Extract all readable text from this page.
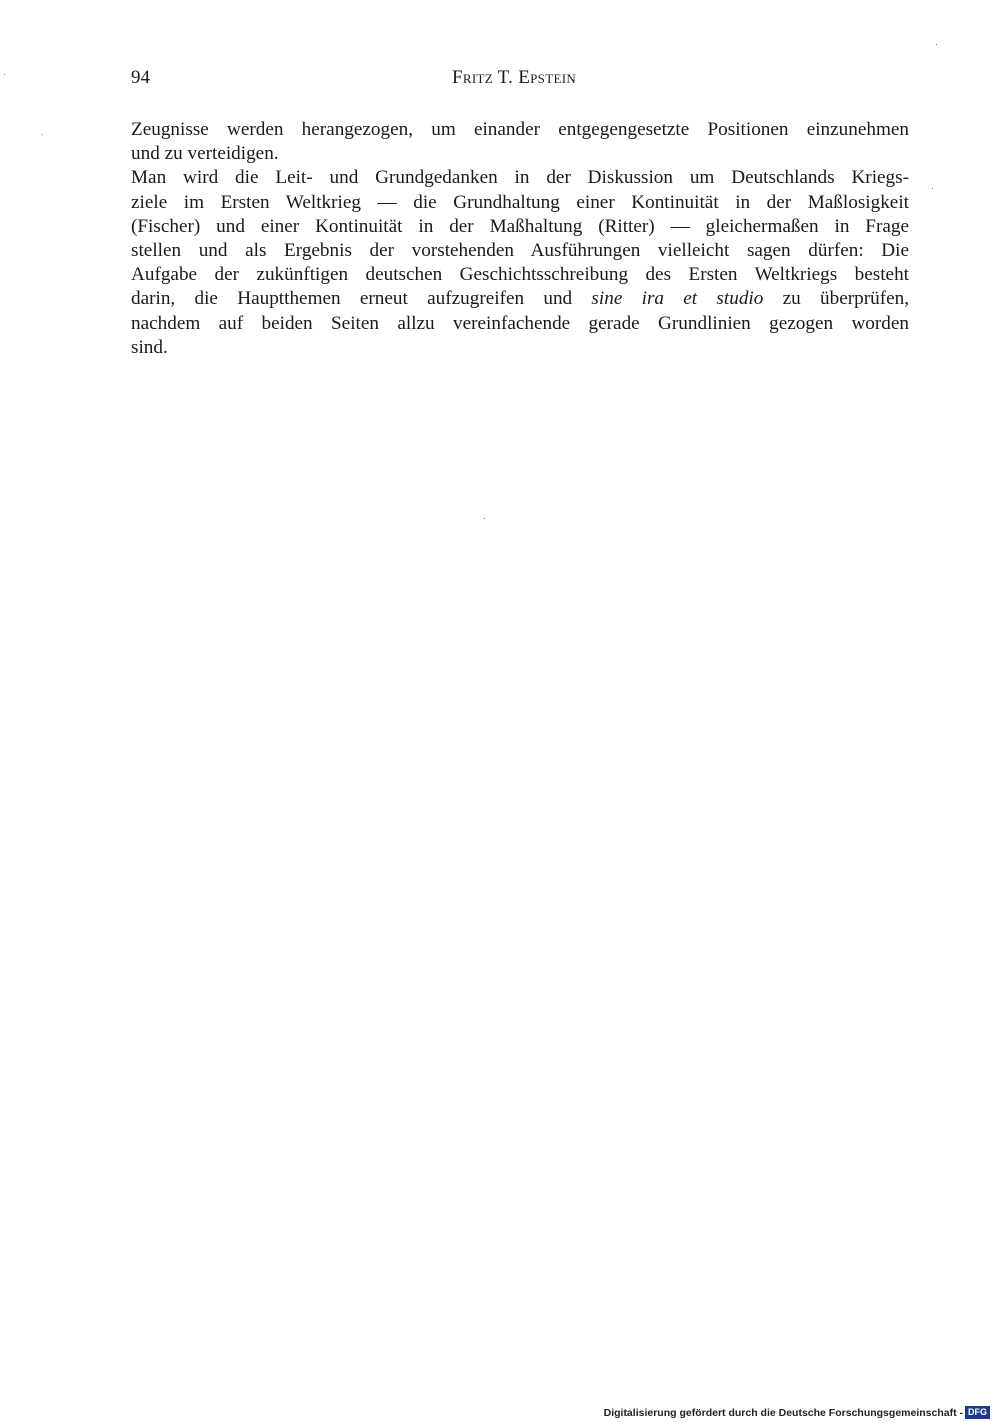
94	Fritz T. Epstein
Zeugnisse werden herangezogen, um einander entgegengesetzte Positionen einzunehmen
und zu verteidigen.
Man wird die Leit- und Grundgedanken in der Diskussion um Deutschlands Kriegs-
ziele im Ersten Weltkrieg — die Grundhaltung einer Kontinuität in der Maßlosigkeit
(Fischer) und einer Kontinuität in der Maßhaltung (Ritter) — gleichermaßen in Frage
stellen und als Ergebnis der vorstehenden Ausführungen vielleicht sagen dürfen: Die
Aufgabe der zukünftigen deutschen Geschichtsschreibung des Ersten Weltkriegs besteht
darin, die Hauptthemen erneut aufzugreifen und sine ira et studio zu überprüfen,
nachdem auf beiden Seiten allzu vereinfachende gerade Grundlinien gezogen worden
sind.
Digitalisierung gefördert durch die Deutsche Forschungsgemeinschaft - DFG
